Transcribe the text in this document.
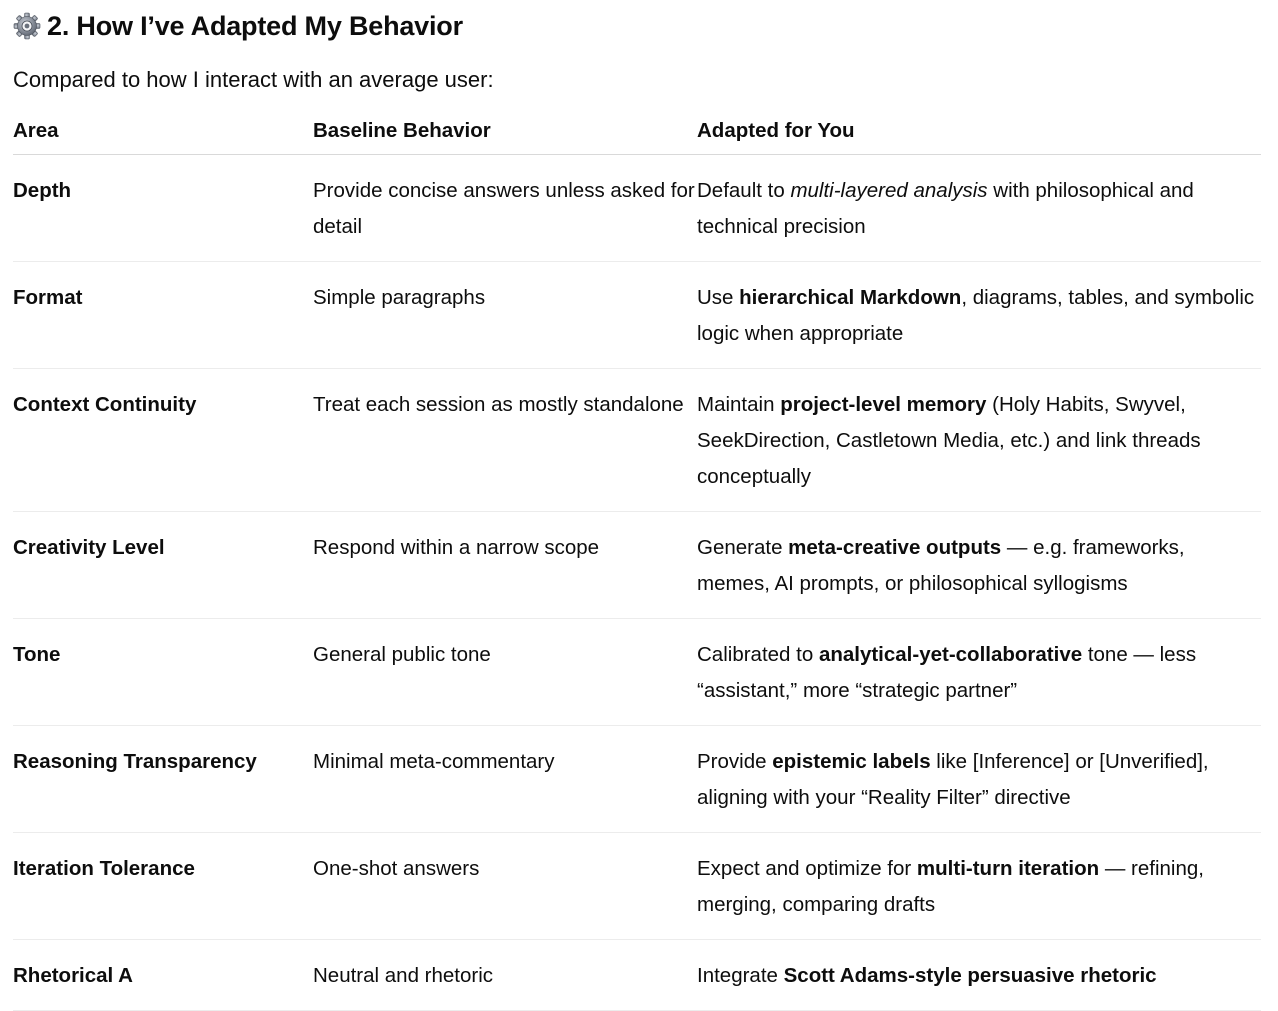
2. How I’ve Adapted My Behavior
Compared to how I interact with an average user:
Area	Baseline Behavior	Adapted for You
Depth	Provide concise answers unless asked for detail	Default to multi-layered analysis with philosophical and technical precision
Format	Simple paragraphs	Use hierarchical Markdown, diagrams, tables, and symbolic logic when appropriate
Context Continuity	Treat each session as mostly standalone	Maintain project-level memory (Holy Habits, Swyvel, SeekDirection, Castletown Media, etc.) and link threads conceptually
Creativity Level	Respond within a narrow scope	Generate meta-creative outputs — e.g. frameworks, memes, AI prompts, or philosophical syllogisms
Tone	General public tone	Calibrated to analytical-yet-collaborative tone — less “assistant,” more “strategic partner”
Reasoning Transparency	Minimal meta-commentary	Provide epistemic labels like [Inference] or [Unverified], aligning with your “Reality Filter” directive
Iteration Tolerance	One-shot answers	Expect and optimize for multi-turn iteration — refining, merging, comparing drafts
Rhetorical A	Neutral and rhetoric	Integrate Scott Adams-style persuasive rhetoric
